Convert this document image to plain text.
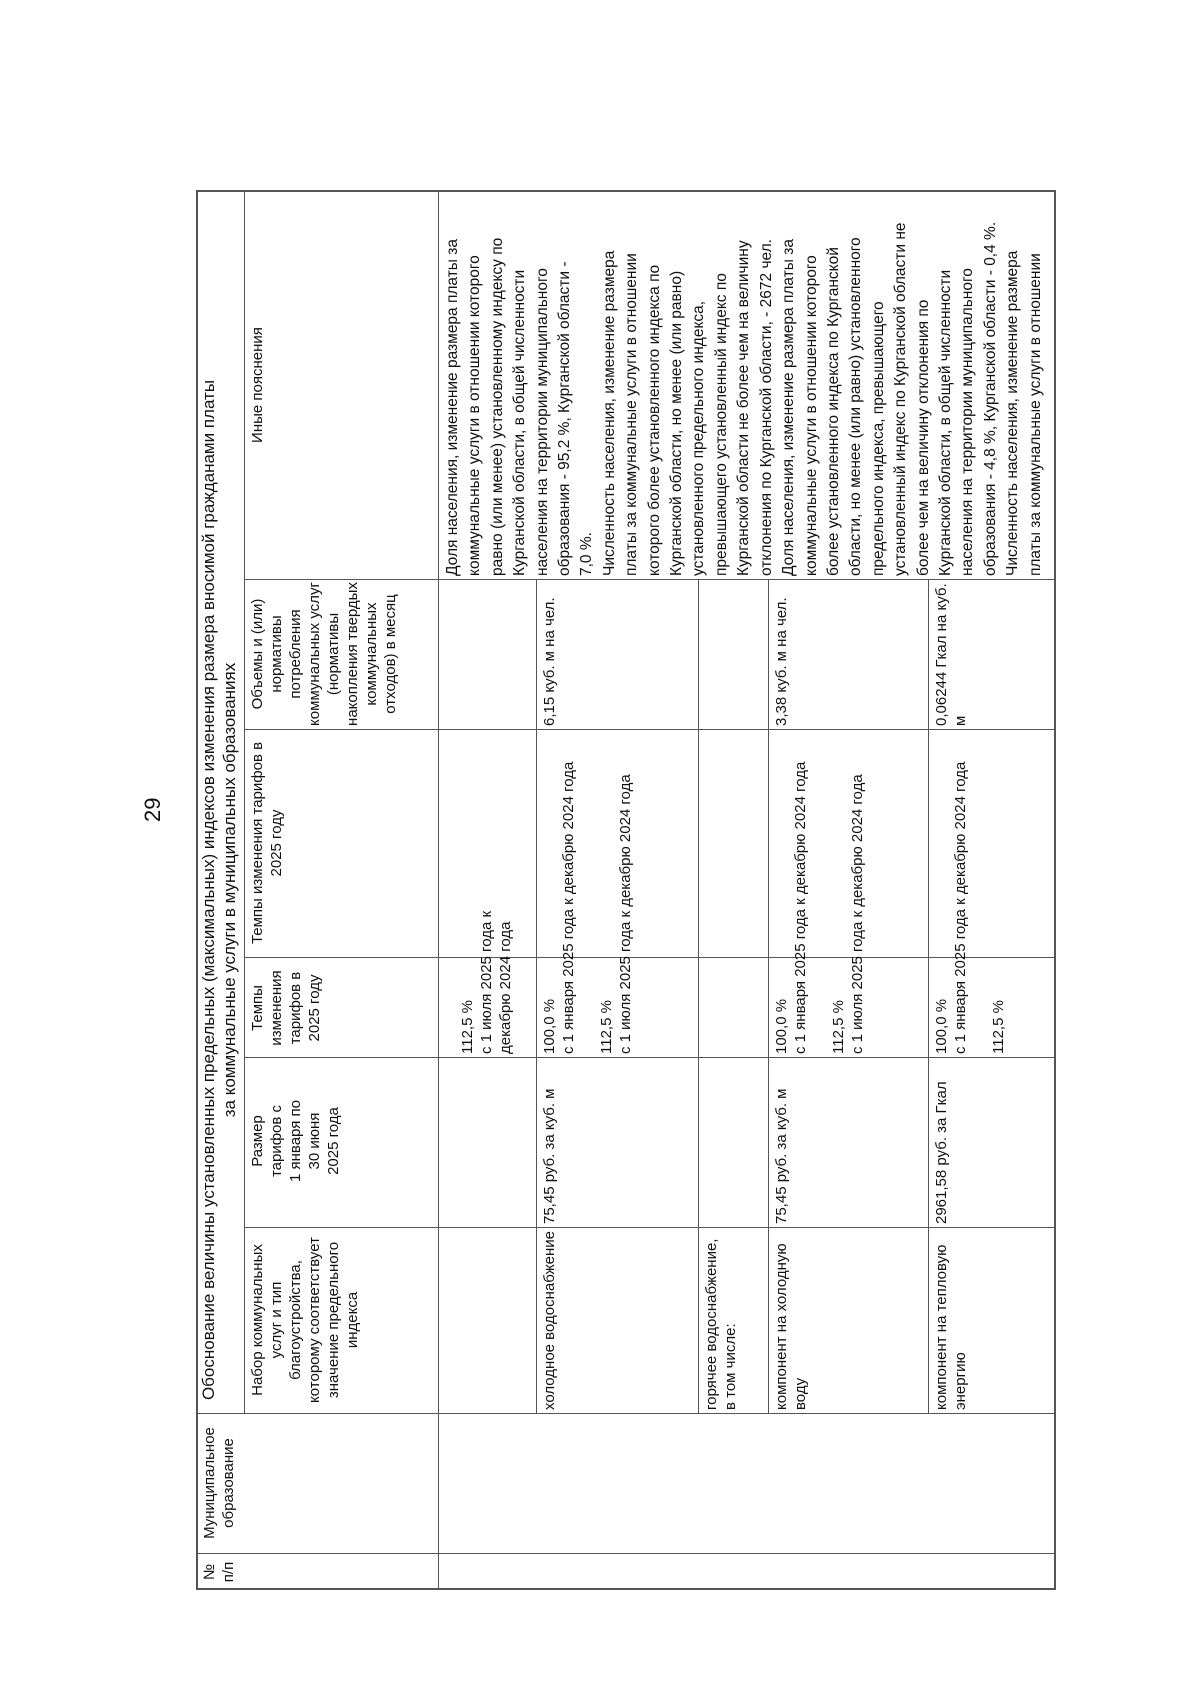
29 Обоснование величины установленных предельных (максимальных) индексов изменения размера вносимой гражданами платы за коммунальные услуги в муниципальных образованиях
№ п/п
Муниципальное образование
Набор коммунальных услуг и тип благоустройства, которому соответствует значение предельного индекса
Размер тарифов с 1 января по 30 июня 2025 года
Темпы изменения тарифов в 2025 году
Темпы изменения тарифов в 2025 году
Объемы и (или) нормативы потребления коммунальных услуг (нормативы накопления твердых коммунальных отходов) в месяц
Иные пояснения

112,5 % с 1 июля 2025 года к декабрю 2024 года

холодное водоснабжение
75,45 руб. за куб. м

100,0 % с 1 января 2025 года к декабрю 2024 года 112,5 % с 1 июля 2025 года к декабрю 2024 года

6,15 куб. м на чел.
горячее водоснабжение, в том числе:	компонент на холодную воду
75,45 руб. за куб. м

100,0 % с 1 января 2025 года к декабрю 2024 года 112,5 % с 1 июля 2025 года к декабрю 2024 года

3,38 куб. м на чел.
компонент на тепловую энергию
2961,58 руб. за Гкал

100,0 % с 1 января 2025 года к декабрю 2024 года 112,5 %

0,06244 Гкал на куб. м
Доля населения, изменение размера платы за коммунальные услуги в отношении которого равно (или менее) установленному индексу по Курганской области, в общей численности населения на территории муниципального образования - 95,2 %, Курганской области - 7,0 %. Численность населения, изменение размера платы за коммунальные услуги в отношении которого более установленного индекса по Курганской области, но менее (или равно) установленного предельного индекса, превышающего установленный индекс по Курганской области не более чем на величину отклонения по Курганской области, - 2672 чел. Доля населения, изменение размера платы за коммунальные услуги в отношении которого более установленного индекса по Курганской области, но менее (или равно) установленного предельного индекса, превышающего установленный индекс по Курганской области не более чем на величину отклонения по Курганской области, в общей численности населения на территории муниципального образования - 4,8 %, Курганской области - 0,4 %. Численность населения, изменение размера платы за коммунальные услуги в отношении
